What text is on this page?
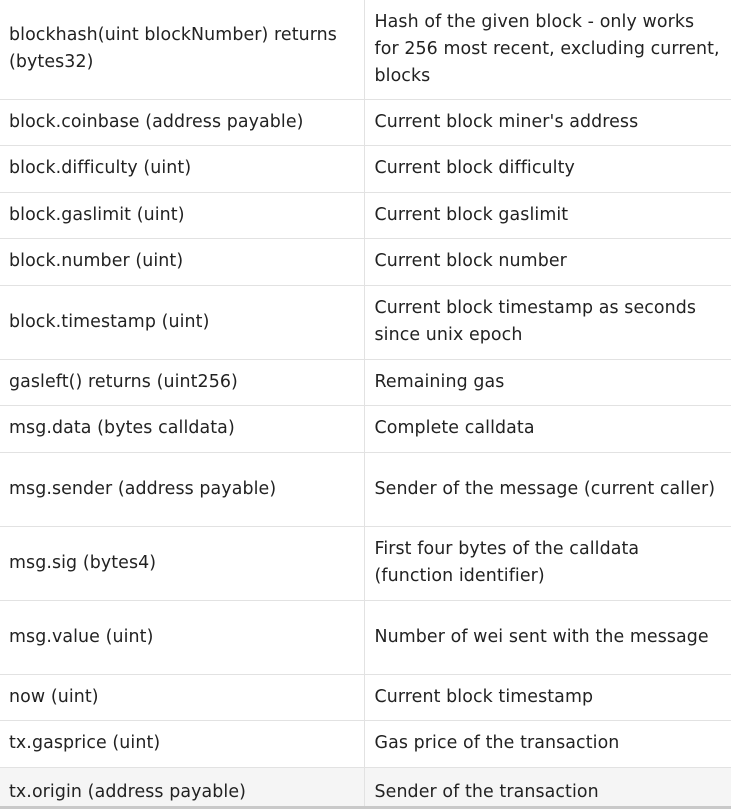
blockhash(uint blockNumber) returns (bytes32)	Hash of the given block - only works for 256 most recent, excluding current, blocks
block.coinbase (address payable)	Current block miner's address
block.difficulty (uint)	Current block difficulty
block.gaslimit (uint)	Current block gaslimit
block.number (uint)	Current block number
block.timestamp (uint)	Current block timestamp as seconds since unix epoch
gasleft() returns (uint256)	Remaining gas
msg.data (bytes calldata)	Complete calldata
msg.sender (address payable)	Sender of the message (current caller)
msg.sig (bytes4)	First four bytes of the calldata (function identifier)
msg.value (uint)	Number of wei sent with the message
now (uint)	Current block timestamp
tx.gasprice (uint)	Gas price of the transaction
tx.origin (address payable)	Sender of the transaction
